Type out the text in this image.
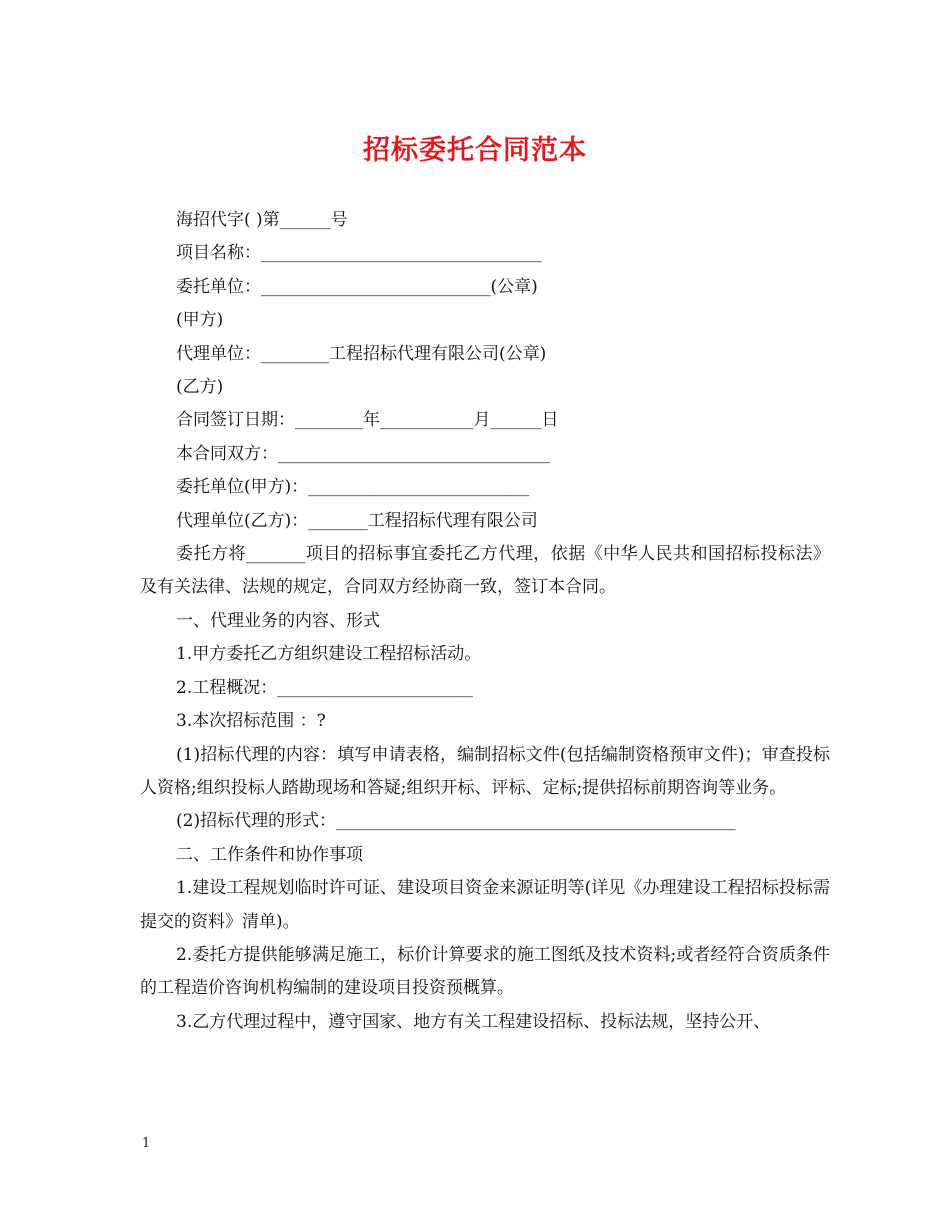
招标委托合同范本

海招代字( )第______号

项目名称：_________________________________

委托单位：___________________________(公章)

(甲方)

代理单位：________工程招标代理有限公司(公章)

(乙方)

合同签订日期：________年___________月______日

本合同双方：________________________________

委托单位(甲方)：__________________________

代理单位(乙方)：_______工程招标代理有限公司

委托方将_______项目的招标事宜委托乙方代理，依据《中华人民共和国招标投标法》及有关法律、法规的规定，合同双方经协商一致，签订本合同。

一、代理业务的内容、形式

1.甲方委托乙方组织建设工程招标活动。

2.工程概况：_______________________

3.本次招标范围 ：?

(1)招标代理的内容：填写申请表格，编制招标文件(包括编制资格预审文件)；审查投标人资格;组织投标人踏勘现场和答疑;组织开标、评标、定标;提供招标前期咨询等业务。

(2)招标代理的形式：_______________________________________________

二、工作条件和协作事项

1.建设工程规划临时许可证、建设项目资金来源证明等(详见《办理建设工程招标投标需提交的资料》清单)。

2.委托方提供能够满足施工，标价计算要求的施工图纸及技术资料;或者经符合资质条件的工程造价咨询机构编制的建设项目投资预概算。

3.乙方代理过程中，遵守国家、地方有关工程建设招标、投标法规，坚持公开、

1
